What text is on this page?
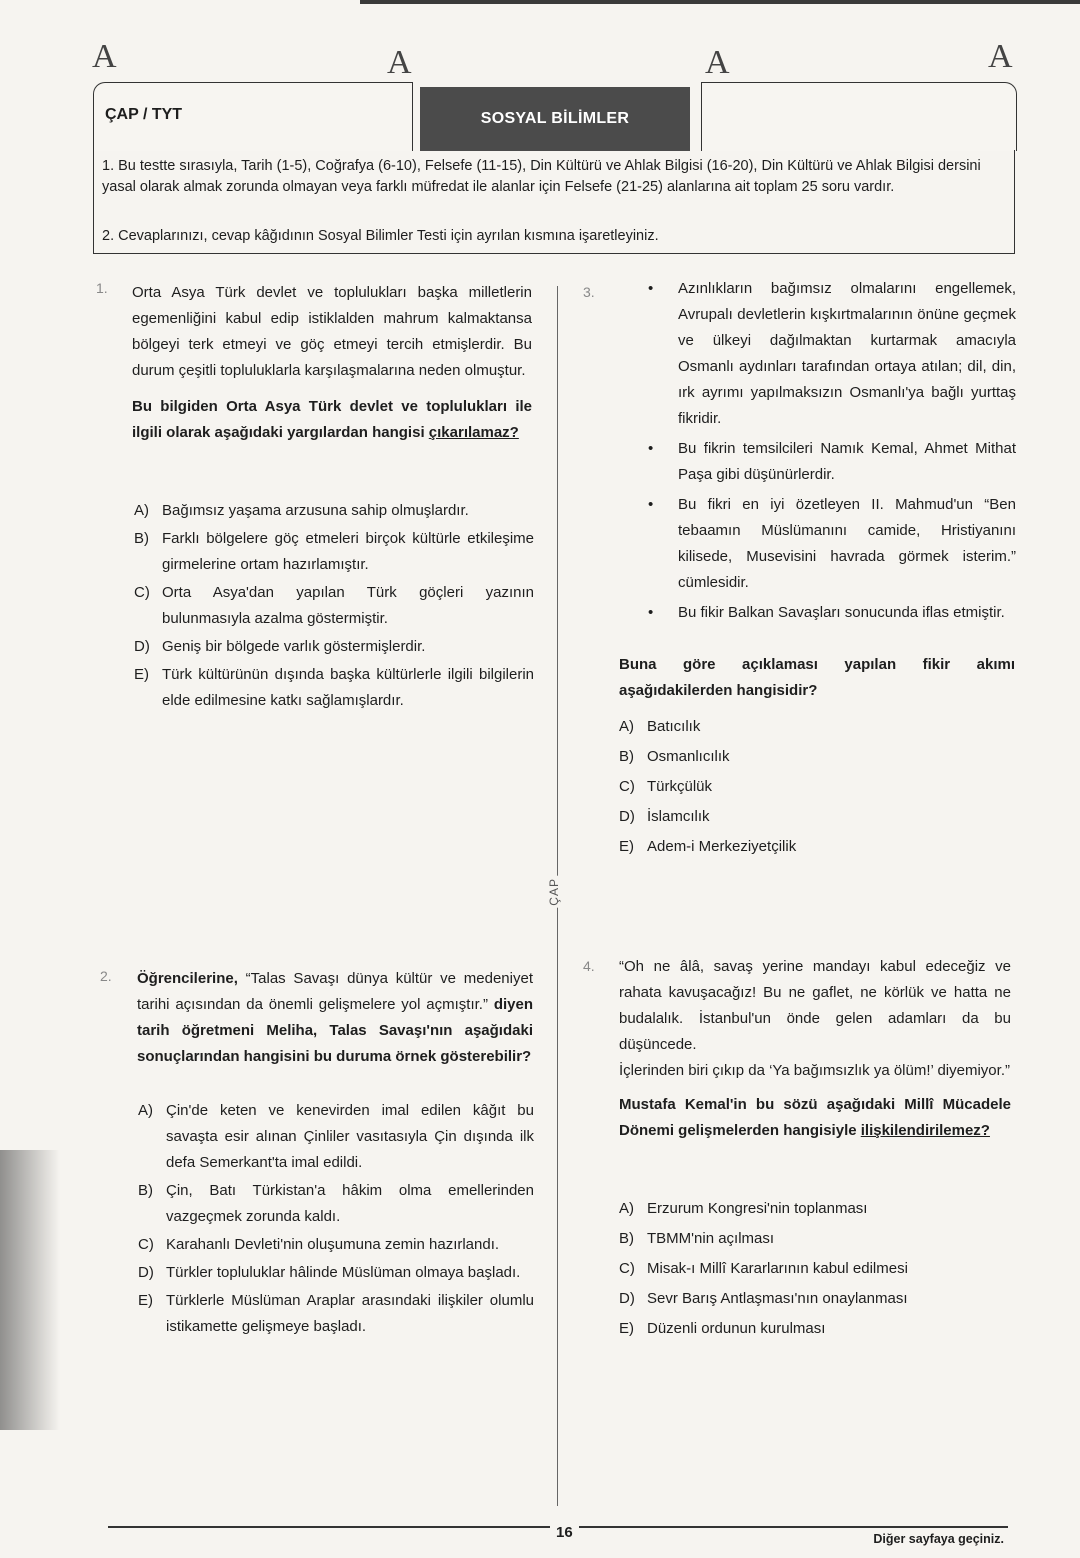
A	A	A	A
ÇAP / TYT	SOSYAL BİLİMLER
1. Bu testte sırasıyla, Tarih (1-5), Coğrafya (6-10), Felsefe (11-15), Din Kültürü ve Ahlak Bilgisi (16-20), Din Kültürü ve Ahlak Bilgisi dersini yasal olarak almak zorunda olmayan veya farklı müfredat ile alanlar için Felsefe (21-25) alanlarına ait toplam 25 soru vardır.
2. Cevaplarınızı, cevap kâğıdının Sosyal Bilimler Testi için ayrılan kısmına işaretleyiniz.
ÇAP
1. Orta Asya Türk devlet ve toplulukları başka milletlerin egemenliğini kabul edip istiklalden mahrum kalmaktansa bölgeyi terk etmeyi ve göç etmeyi tercih etmişlerdir. Bu durum çeşitli topluluklarla karşılaşmalarına neden olmuştur.

Bu bilgiden Orta Asya Türk devlet ve toplulukları ile ilgili olarak aşağıdaki yargılardan hangisi çıkarılamaz?

A) Bağımsız yaşama arzusuna sahip olmuşlardır.
B) Farklı bölgelere göç etmeleri birçok kültürle etkileşime girmelerine ortam hazırlamıştır.
C) Orta Asya'dan yapılan Türk göçleri yazının bulunmasıyla azalma göstermiştir.
D) Geniş bir bölgede varlık göstermişlerdir.
E) Türk kültürünün dışında başka kültürlerle ilgili bilgilerin elde edilmesine katkı sağlamışlardır.
2. Öğrencilerine, “Talas Savaşı dünya kültür ve medeniyet tarihi açısından da önemli gelişmelere yol açmıştır.” diyen tarih öğretmeni Meliha, Talas Savaşı'nın aşağıdaki sonuçlarından hangisini bu duruma örnek gösterebilir?

A) Çin'de keten ve kenevirden imal edilen kâğıt bu savaşta esir alınan Çinliler vasıtasıyla Çin dışında ilk defa Semerkant'ta imal edildi.
B) Çin, Batı Türkistan'a hâkim olma emellerinden vazgeçmek zorunda kaldı.
C) Karahanlı Devleti'nin oluşumuna zemin hazırlandı.
D) Türkler topluluklar hâlinde Müslüman olmaya başladı.
E) Türklerle Müslüman Araplar arasındaki ilişkiler olumlu istikamette gelişmeye başladı.
3.	•	Azınlıkların bağımsız olmalarını engellemek, Avrupalı devletlerin kışkırtmalarının önüne geçmek ve ülkeyi dağılmaktan kurtarmak amacıyla Osmanlı aydınları tarafından ortaya atılan; dil, din, ırk ayrımı yapılmaksızın Osmanlı'ya bağlı yurttaş fikridir.
•	Bu fikrin temsilcileri Namık Kemal, Ahmet Mithat Paşa gibi düşünürlerdir.
•	Bu fikri en iyi özetleyen II. Mahmud'un “Ben tebaamın Müslümanını camide, Hristiyanını kilisede, Musevisini havrada görmek isterim.” cümlesidir.
•	Bu fikir Balkan Savaşları sonucunda iflas etmiştir.
Buna göre açıklaması yapılan fikir akımı aşağıdakilerden hangisidir?
A) Batıcılık
B) Osmanlıcılık
C) Türkçülük
D) İslamcılık
E) Adem-i Merkeziyetçilik
4. “Oh ne âlâ, savaş yerine mandayı kabul edeceğiz ve rahata kavuşacağız! Bu ne gaflet, ne körlük ve hatta ne budalalık. İstanbul'un önde gelen adamları da bu düşüncede.

İçlerinden biri çıkıp da ‘Ya bağımsızlık ya ölüm!’ diyemiyor.”

Mustafa Kemal'in bu sözü aşağıdaki Millî Mücadele Dönemi gelişmelerden hangisiyle ilişkilendirilemez?

A) Erzurum Kongresi'nin toplanması
B) TBMM'nin açılması
C) Misak-ı Millî Kararlarının kabul edilmesi
D) Sevr Barış Antlaşması'nın onaylanması
E) Düzenli ordunun kurulması
16	Diğer sayfaya geçiniz.
